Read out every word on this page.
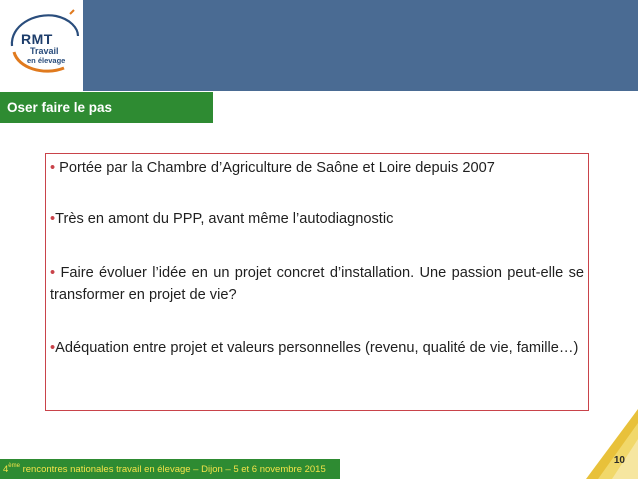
RMT
Travail
en élevage
Oser faire le pas
• Portée par la Chambre d’Agriculture de Saône et Loire depuis 2007
•Très en amont du PPP, avant même l’autodiagnostic
• Faire évoluer l’idée en un projet concret d’installation. Une passion peut-elle se transformer en projet de vie?
•Adéquation entre projet et valeurs personnelles (revenu, qualité de vie, famille…)
4ème rencontres nationales travail en élevage – Dijon – 5 et 6 novembre 2015
10
